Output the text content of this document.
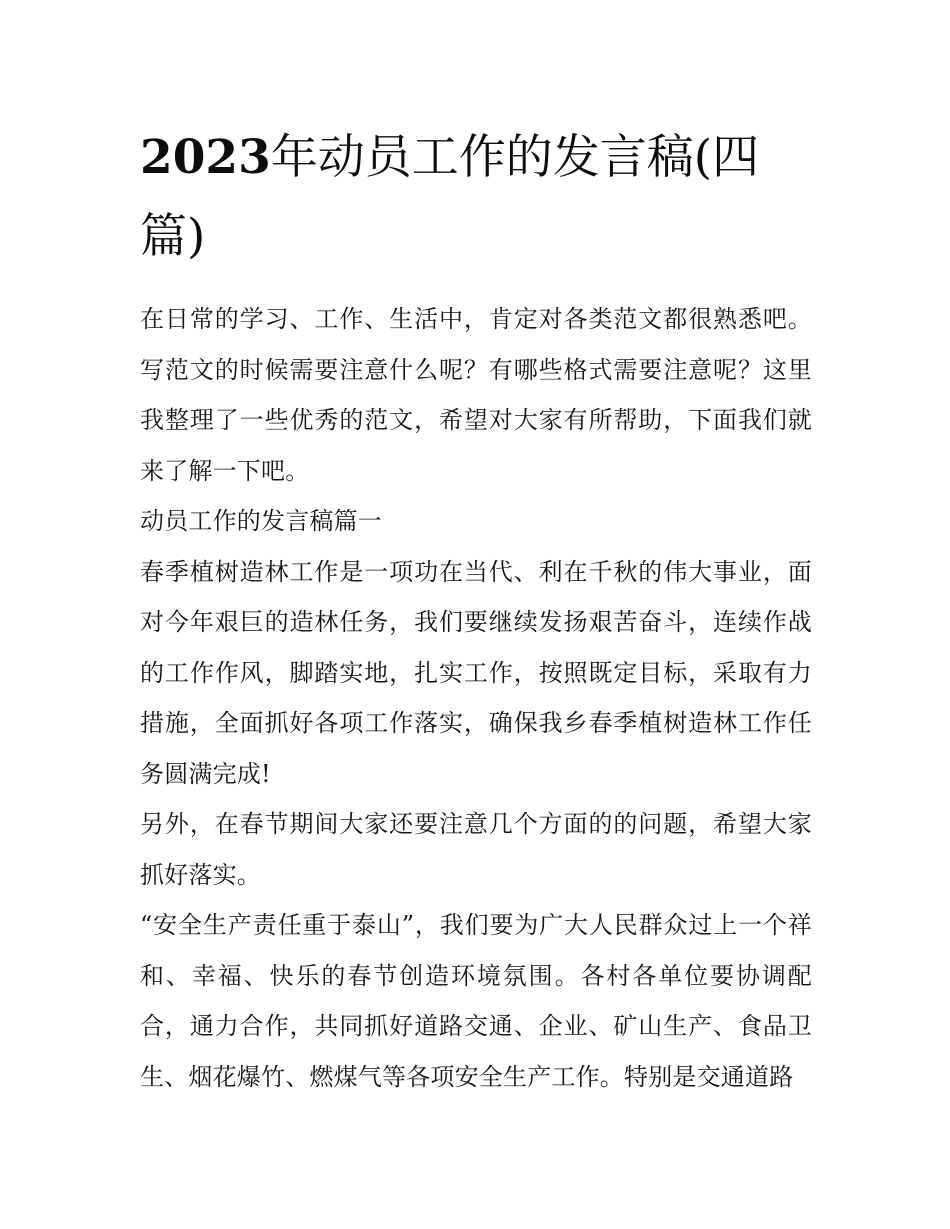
2023年动员工作的发言稿(四篇)

在日常的学习、工作、生活中，肯定对各类范文都很熟悉吧。写范文的时候需要注意什么呢？有哪些格式需要注意呢？这里我整理了一些优秀的范文，希望对大家有所帮助，下面我们就来了解一下吧。

动员工作的发言稿篇一

春季植树造林工作是一项功在当代、利在千秋的伟大事业，面对今年艰巨的造林任务，我们要继续发扬艰苦奋斗，连续作战的工作作风，脚踏实地，扎实工作，按照既定目标，采取有力措施，全面抓好各项工作落实，确保我乡春季植树造林工作任务圆满完成!

另外，在春节期间大家还要注意几个方面的的问题，希望大家抓好落实。

“安全生产责任重于泰山”，我们要为广大人民群众过上一个祥和、幸福、快乐的春节创造环境氛围。各村各单位要协调配合，通力合作，共同抓好道路交通、企业、矿山生产、食品卫生、烟花爆竹、燃煤气等各项安全生产工作。特别是交通道路
